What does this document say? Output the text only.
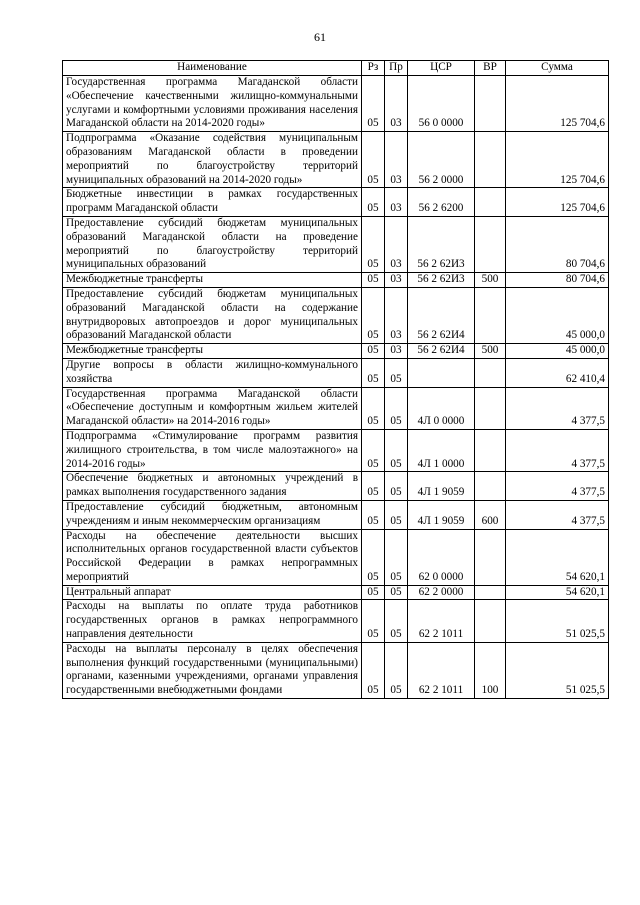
61
Наименование	Рз	Пр	ЦСР	ВР	Сумма
Государственная программа Магаданской области «Обеспечение качественными жилищно-коммунальными услугами и комфортными условиями проживания населения Магаданской области на 2014-2020 годы»	05	03	56 0 0000		125 704,6
Подпрограмма «Оказание содействия муниципальным образованиям Магаданской области в проведении мероприятий по благоустройству территорий муниципальных образований на 2014-2020 годы»	05	03	56 2 0000		125 704,6
Бюджетные инвестиции в рамках государственных программ Магаданской области	05	03	56 2 6200		125 704,6
Предоставление субсидий бюджетам муниципальных образований Магаданской области на проведение мероприятий по благоустройству территорий муниципальных образований	05	03	56 2 62И3		80 704,6
Межбюджетные трансферты	05	03	56 2 62И3	500	80 704,6
Предоставление субсидий бюджетам муниципальных образований Магаданской области на содержание внутридворовых автопроездов и дорог муниципальных образований Магаданской области	05	03	56 2 62И4		45 000,0
Межбюджетные трансферты	05	03	56 2 62И4	500	45 000,0
Другие вопросы в области жилищно-коммунального хозяйства	05	05			62 410,4
Государственная программа Магаданской области «Обеспечение доступным и комфортным жильем жителей Магаданской области» на 2014-2016 годы»	05	05	4Л 0 0000		4 377,5
Подпрограмма «Стимулирование программ развития жилищного строительства, в том числе малоэтажного» на 2014-2016 годы»	05	05	4Л 1 0000		4 377,5
Обеспечение бюджетных и автономных учреждений в рамках выполнения государственного задания	05	05	4Л 1 9059		4 377,5
Предоставление субсидий бюджетным, автономным учреждениям и иным некоммерческим организациям	05	05	4Л 1 9059	600	4 377,5
Расходы на обеспечение деятельности высших исполнительных органов государственной власти субъектов Российской Федерации в рамках непрограммных мероприятий	05	05	62 0 0000		54 620,1
Центральный аппарат	05	05	62 2 0000		54 620,1
Расходы на выплаты по оплате труда работников государственных органов в рамках непрограммного направления деятельности	05	05	62 2 1011		51 025,5
Расходы на выплаты персоналу в целях обеспечения выполнения функций государственными (муниципальными) органами, казенными учреждениями, органами управления государственными внебюджетными фондами	05	05	62 2 1011	100	51 025,5
